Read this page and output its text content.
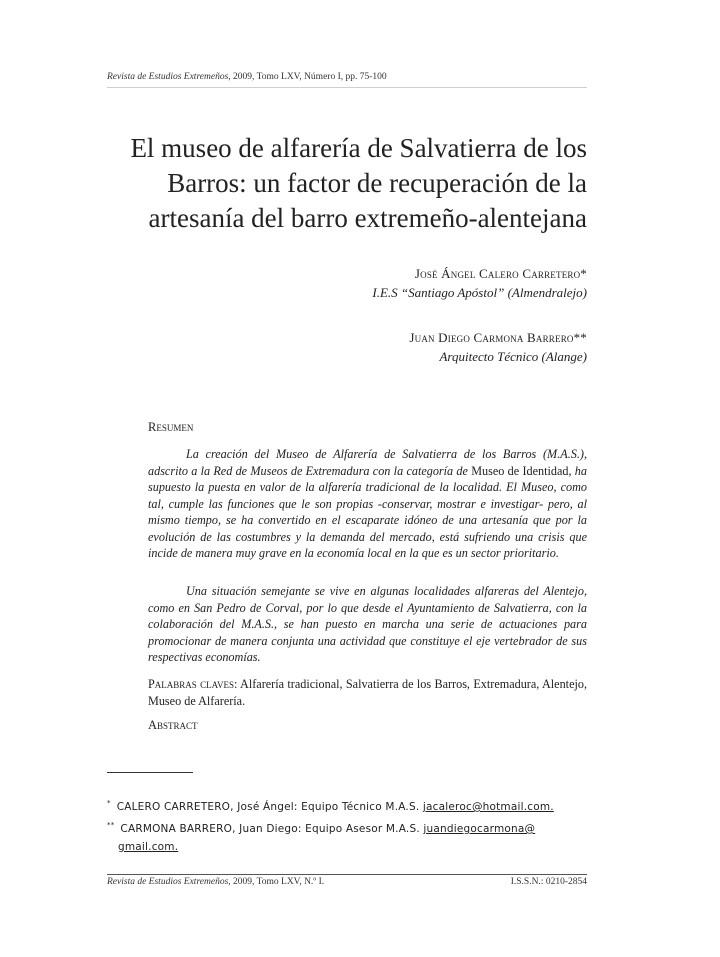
Revista de Estudios Extremeños, 2009, Tomo LXV, Número I, pp. 75-100
El museo de alfarería de Salvatierra de los
Barros: un factor de recuperación de la
artesanía del barro extremeño-alentejana
José Ángel Calero Carretero*
I.E.S “Santiago Apóstol” (Almendralejo)
Juan Diego Carmona Barrero**
Arquitecto Técnico (Alange)
Resumen

La creación del Museo de Alfarería de Salvatierra de los Barros (M.A.S.), adscrito a la Red de Museos de Extremadura con la categoría de Museo de Identidad, ha supuesto la puesta en valor de la alfarería tradicional de la localidad. El Museo, como tal, cumple las funciones que le son propias -conservar, mostrar e investigar- pero, al mismo tiempo, se ha convertido en el escaparate idóneo de una artesanía que por la evolución de las costumbres y la demanda del mercado, está sufriendo una crisis que incide de manera muy grave en la economía local en la que es un sector prioritario.

Una situación semejante se vive en algunas localidades alfareras del Alentejo, como en San Pedro de Corval, por lo que desde el Ayuntamiento de Salvatierra, con la colaboración del M.A.S., se han puesto en marcha una serie de actuaciones para promocionar de manera conjunta una actividad que constituye el eje vertebrador de sus respectivas economías.

Palabras claves: Alfarería tradicional, Salvatierra de los Barros, Extremadura, Alentejo, Museo de Alfarería.
Abstract
* CALERO CARRETERO, José Ángel: Equipo Técnico M.A.S. jacaleroc@hotmail.com.
** CARMONA BARRERO, Juan Diego: Equipo Asesor M.A.S. juandiegocarmona@
gmail.com.
Revista de Estudios Extremeños, 2009, Tomo LXV, N.º I.	I.S.S.N.: 0210-2854
